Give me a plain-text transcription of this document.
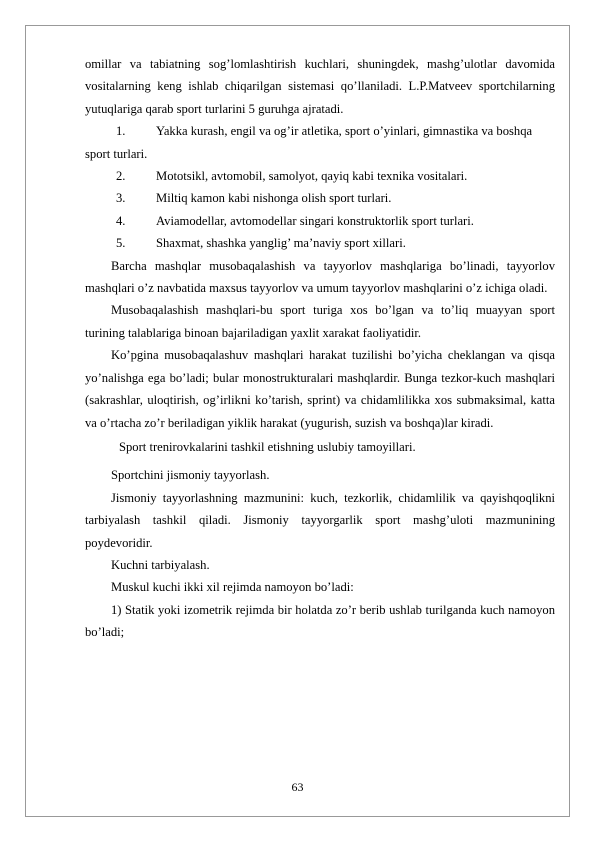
omillar va tabiatning sog’lomlashtirish kuchlari, shuningdek, mashg’ulotlar davomida vositalarning keng ishlab chiqarilgan sistemasi qo’llaniladi. L.P.Matveev sportchilarning yutuqlariga qarab sport turlarini 5 guruhga ajratadi.

1. Yakka kurash, engil va og’ir atletika, sport o’yinlari, gimnastika va boshqa sport turlari.
2.	Mototsikl, avtomobil, samolyot, qayiq kabi texnika vositalari.
3.	Miltiq kamon kabi nishonga olish sport turlari.
4.	Aviamodellar, avtomodellar singari konstruktorlik sport turlari.
5.	Shaxmat, shashka yanglig’ ma’naviy sport xillari.

Barcha mashqlar musobaqalashish va tayyorlov mashqlariga bo’linadi, tayyorlov mashqlari o’z navbatida maxsus tayyorlov va umum tayyorlov mashqlarini o’z ichiga oladi.

Musobaqalashish mashqlari-bu sport turiga xos bo’lgan va to’liq muayyan sport turining talablariga binoan bajariladigan yaxlit xarakat faoliyatidir.

Ko’pgina musobaqalashuv mashqlari harakat tuzilishi bo’yicha cheklangan va qisqa yo’nalishga ega bo’ladi; bular monostrukturalari mashqlardir. Bunga tezkor-kuch mashqlari (sakrashlar, uloqtirish, og’irlikni ko’tarish, sprint) va chidamlilikka xos submaksimal, katta va o’rtacha zo’r beriladigan yiklik harakat (yugurish, suzish va boshqa)lar kiradi.

Sport trenirovkalarini tashkil etishning uslubiy tamoyillari.

Sportchini jismoniy tayyorlash.

Jismoniy tayyorlashning mazmunini: kuch, tezkorlik, chidamlilik va qayishqoqlikni tarbiyalash tashkil qiladi. Jismoniy tayyorgarlik sport mashg’uloti mazmunining poydevoridir.

Kuchni tarbiyalash.

Muskul kuchi ikki xil rejimda namoyon bo’ladi:

1) Statik yoki izometrik rejimda bir holatda zo’r berib ushlab turilganda kuch namoyon bo’ladi;

63
